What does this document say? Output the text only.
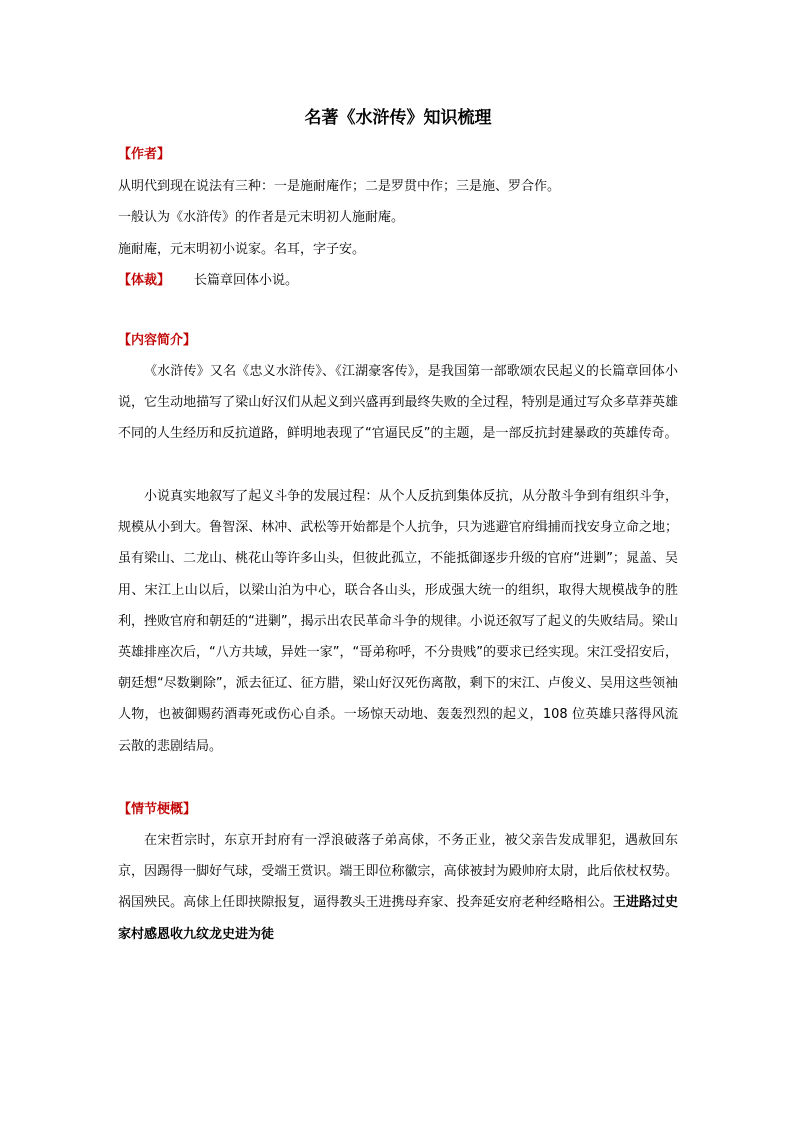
名著《水浒传》知识梳理
【作者】
从明代到现在说法有三种：一是施耐庵作；二是罗贯中作；三是施、罗合作。
一般认为《水浒传》的作者是元末明初人施耐庵。
施耐庵，元末明初小说家。名耳，字子安。
【体裁】 长篇章回体小说。
【内容简介】
《水浒传》又名《忠义水浒传》、《江湖豪客传》，是我国第一部歌颂农民起义的长篇章回体小说，它生动地描写了梁山好汉们从起义到兴盛再到最终失败的全过程，特别是通过写众多草莽英雄不同的人生经历和反抗道路，鲜明地表现了“官逼民反”的主题，是一部反抗封建暴政的英雄传奇。
小说真实地叙写了起义斗争的发展过程：从个人反抗到集体反抗，从分散斗争到有组织斗争，规模从小到大。鲁智深、林冲、武松等开始都是个人抗争，只为逃避官府缉捕而找安身立命之地；虽有梁山、二龙山、桃花山等许多山头，但彼此孤立，不能抵御逐步升级的官府“进剿”；晁盖、吴用、宋江上山以后，以梁山泊为中心，联合各山头，形成强大统一的组织，取得大规模战争的胜利，挫败官府和朝廷的“进剿”，揭示出农民革命斗争的规律。小说还叙写了起义的失败结局。梁山英雄排座次后，“八方共域，异姓一家”，“哥弟称呼，不分贵贱”的要求已经实现。宋江受招安后，朝廷想“尽数剿除”，派去征辽、征方腊，梁山好汉死伤离散，剩下的宋江、卢俊义、吴用这些领袖人物，也被御赐药酒毒死或伤心自杀。一场惊天动地、轰轰烈烈的起义，108 位英雄只落得风流云散的悲剧结局。
【情节梗概】
在宋哲宗时，东京开封府有一浮浪破落子弟高俅，不务正业，被父亲告发成罪犯，遇赦回东京，因踢得一脚好气球，受端王赏识。端王即位称徽宗，高俅被封为殿帅府太尉，此后依杖权势。祸国殃民。高俅上任即挟隙报复，逼得教头王进携母弃家、投奔延安府老种经略相公。王进路过史家村感恩收九纹龙史进为徒
